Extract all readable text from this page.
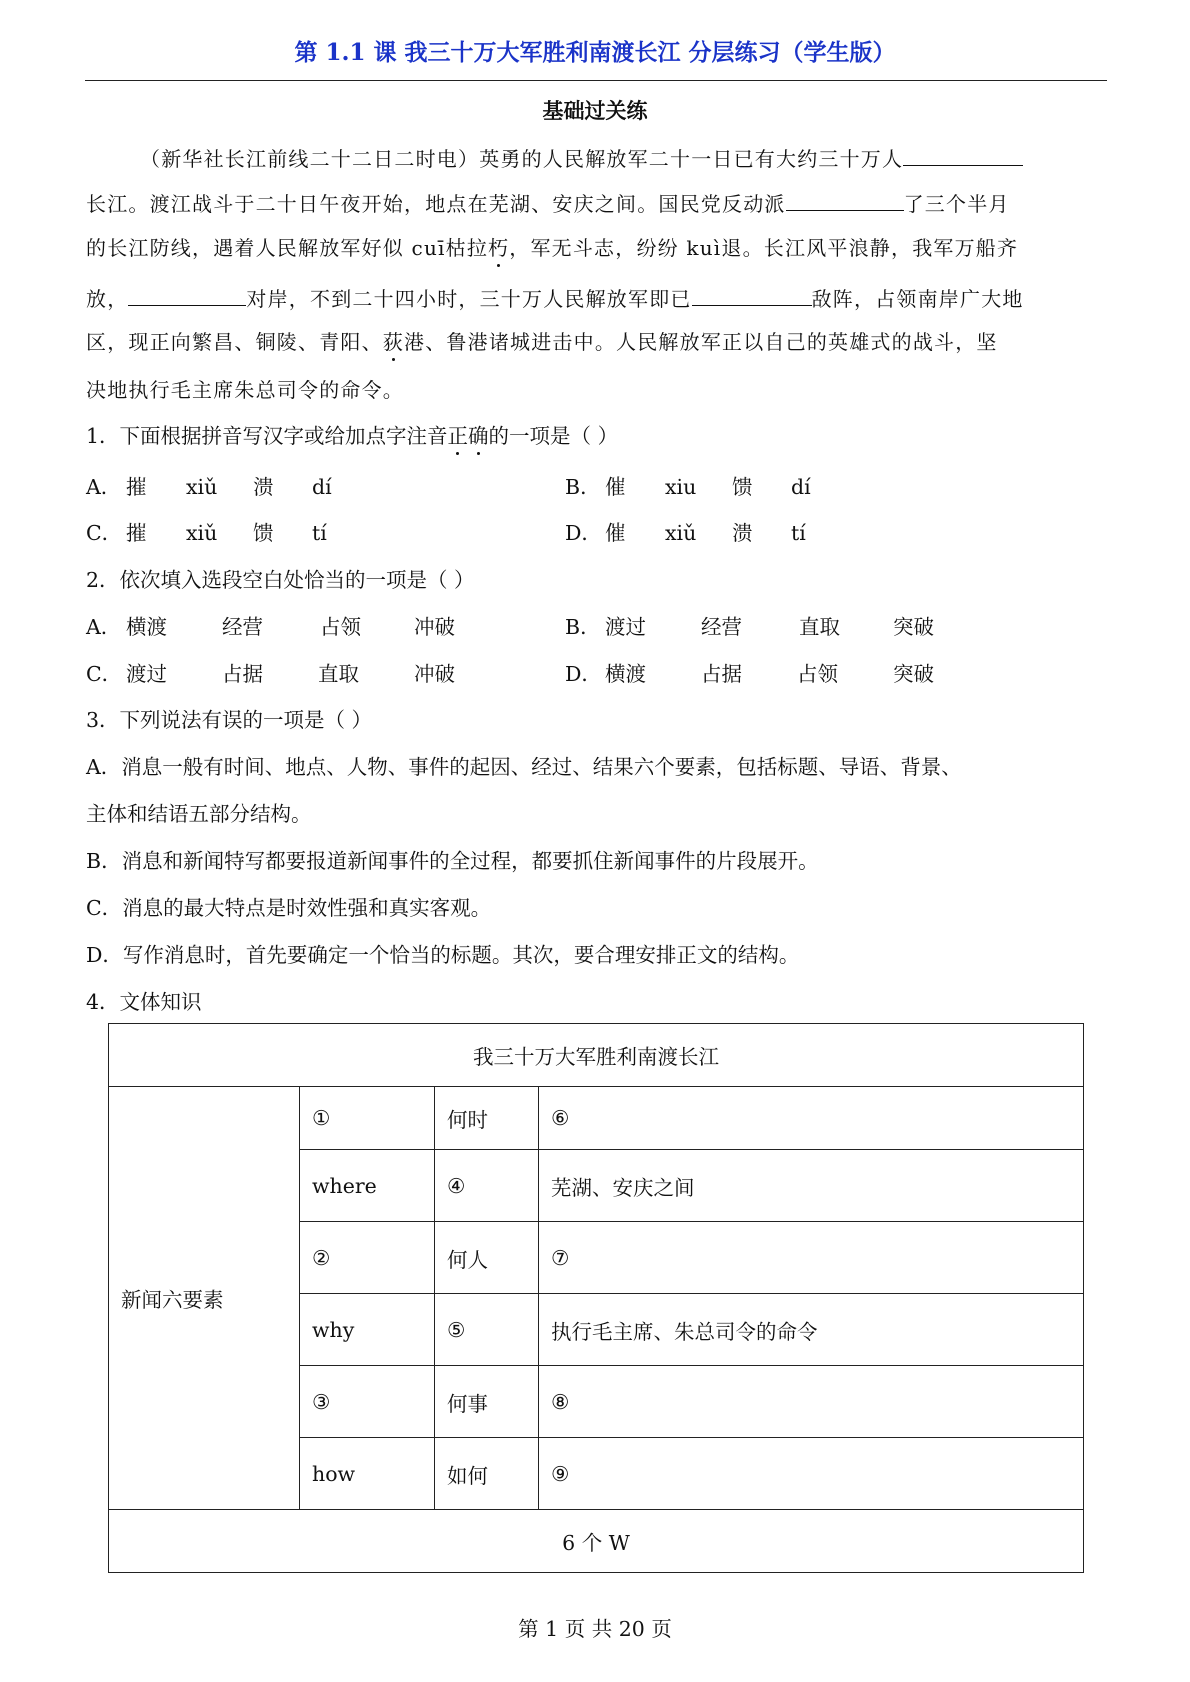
第 1.1 课 我三十万大军胜利南渡长江 分层练习（学生版）
基础过关练
（新华社长江前线二十二日二时电）英勇的人民解放军二十一日已有大约三十万人
长江。渡江战斗于二十日午夜开始，地点在芜湖、安庆之间。国民党反动派	了三个半月
的长江防线，遇着人民解放军好似 cuī枯拉朽，军无斗志，纷纷 kuì退。长江风平浪静，我军万船齐
放，	对岸，不到二十四小时，三十万人民解放军即已	敌阵，占领南岸广大地
区，现正向繁昌、铜陵、青阳、荻港、鲁港诸城进击中。人民解放军正以自己的英雄式的战斗，坚
决地执行毛主席朱总司令的命令。
1．下面根据拼音写汉字或给加点字注音正确的一项是（ ）
A． 摧 xiǔ 溃 dí	B． 催 xiu 馈 dí
C． 摧 xiǔ 馈 tí	D． 催 xiǔ 溃 tí
2．依次填入选段空白处恰当的一项是（ ）
A． 横渡	经营	占领	冲破	B． 渡过	经营	直取	突破
C． 渡过	占据	直取	冲破	D． 横渡	占据	占领	突破
3．下列说法有误的一项是（ ）
A．消息一般有时间、地点、人物、事件的起因、经过、结果六个要素，包括标题、导语、背景、
主体和结语五部分结构。
B．消息和新闻特写都要报道新闻事件的全过程，都要抓住新闻事件的片段展开。
C．消息的最大特点是时效性强和真实客观。
D．写作消息时，首先要确定一个恰当的标题。其次，要合理安排正文的结构。
4．文体知识
我三十万大军胜利南渡长江			
新闻六要素	①	何时	⑥
	where	④	芜湖、安庆之间
	②	何人	⑦
	why	⑤	执行毛主席、朱总司令的命令
	③	何事	⑧
	how	如何	⑨
6 个 W			
第 1 页 共 20 页
